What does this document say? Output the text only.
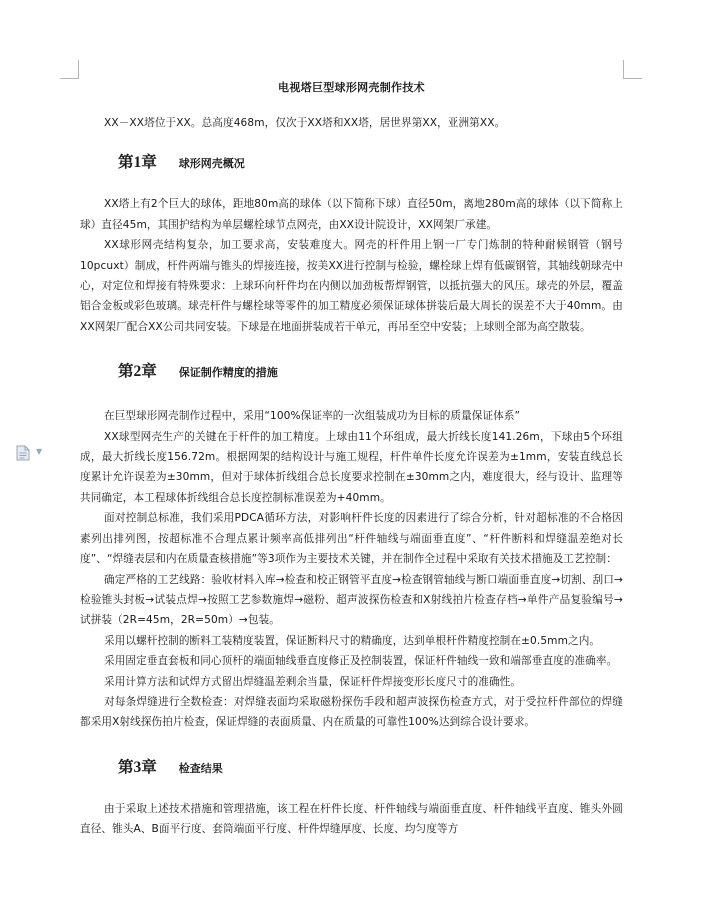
▼
电视塔巨型球形网壳制作技术

XX－XX塔位于XX。总高度468m，仅次于XX塔和XX塔，居世界第XX，亚洲第XX。

第1章 球形网壳概况

XX塔上有2个巨大的球体，距地80m高的球体（以下简称下球）直径50m，离地280m高的球体（以下简称上球）直径45m，其围护结构为单层螺栓球节点网壳，由XX设计院设计，XX网架厂承建。

XX球形网壳结构复杂，加工要求高，安装难度大。网壳的杆件用上钢一厂专门炼制的特种耐候钢管（钢号10pcuxt）制成，杆件两端与锥头的焊接连接，按美XX进行控制与检验，螺栓球上焊有低碳钢管，其轴线朝球壳中心，对定位和焊接有特殊要求：上球环向杆件均在内侧以加劲板帮焊钢管，以抵抗强大的风压。球壳的外层，覆盖铝合金板或彩色玻璃。球壳杆件与螺栓球等零件的加工精度必须保证球体拼装后最大周长的误差不大于40mm。由XX网架厂配合XX公司共同安装。下球是在地面拼装成若干单元，再吊至空中安装；上球则全部为高空散装。

第2章 保证制作精度的措施

在巨型球形网壳制作过程中，采用“100%保证率的一次组装成功为目标的质量保证体系”

XX球型网壳生产的关键在于杆件的加工精度。上球由11个环组成，最大折线长度141.26m，下球由5个环组成，最大折线长度156.72m。根据网架的结构设计与施工规程，杆件单件长度允许误差为±1mm，安装直线总长度累计允许误差为±30mm，但对于球体折线组合总长度要求控制在±30mm之内，难度很大，经与设计、监理等共同确定，本工程球体折线组合总长度控制标准误差为+40mm。

面对控制总标准，我们采用PDCA循环方法，对影响杆件长度的因素进行了综合分析，针对超标准的不合格因素列出排列图，按超标准不合理点累计频率高低排列出“杆件轴线与端面垂直度”、“杆件断料和焊缝温差绝对长度”、“焊缝表层和内在质量查核措施”等3项作为主要技术关键，并在制作全过程中采取有关技术措施及工艺控制：

确定严格的工艺线路：验收材料入库→检查和校正钢管平直度→检查钢管轴线与断口端面垂直度→切割、刮口→检验锥头封板→试装点焊→按照工艺参数施焊→磁粉、超声波探伤检查和X射线拍片检查存档→单件产品复验编号→试拼装（2R=45m，2R=50m）→包装。

采用以螺杆控制的断料工装精度装置，保证断料尺寸的精确度，达到单根杆件精度控制在±0.5mm之内。

采用固定垂直套板和同心顶杆的端面轴线垂直度修正及控制装置，保证杆件轴线一致和端部垂直度的准确率。

采用计算方法和试焊方式留出焊缝温差剩余当量，保证杆件焊接变形长度尺寸的准确性。

对每条焊缝进行全数检查：对焊缝表面均采取磁粉探伤手段和超声波探伤检查方式，对于受拉杆件部位的焊缝都采用X射线探伤拍片检查，保证焊缝的表面质量、内在质量的可靠性100%达到综合设计要求。

第3章 检查结果

由于采取上述技术措施和管理措施，该工程在杆件长度、杆件轴线与端面垂直度、杆件轴线平直度、锥头外圆直径、锥头A、B面平行度、套筒端面平行度、杆件焊缝厚度、长度、均匀度等方
